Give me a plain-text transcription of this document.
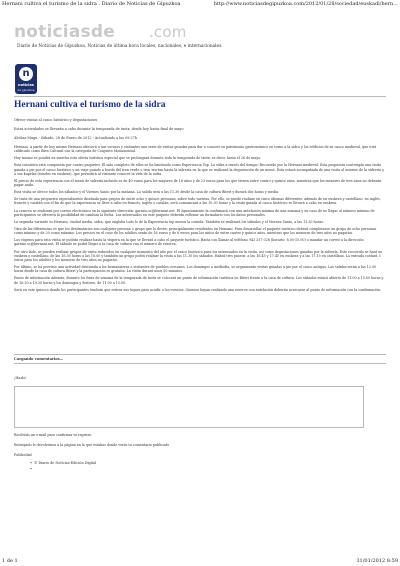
Hernani cultiva el turismo de la sidra . Diario de Noticias de Gipuzkoa	http://www.noticiasdegipuzkoa.com/2012/01/28/sociedad/euskadi/hern...
noticiasde .com
Diario de Noticias de Gipuzkoa. Noticias de última hora locales, nacionales, e internacionales.
n
noticias
de gipuzkoa
Hernani cultiva el turismo de la sidra
Ofrece visitas al casco histórico y degustaciones
Estas actividades se llevarán a cabo durante la temporada de txotx, desde hoy hasta final de mayo
Alcibar Mugu - Sábado, 28 de Enero de 2012 - Actualizado a las 09:27h

Hernani. A partir de hoy mismo Hernani ofrecerá a sus vecinos y visitantes una serie de visitas guiadas para dar a conocer su patrimonio gastronómico en torno a la sidra y los edificios de su casco medieval, que está calificado como Bien Cultural con la categoría de Conjunto Monumental.

Hoy mismo se pondrá en marcha esta oferta turística especial que se prolongará durante toda la temporada de txotx, es decir, hasta el 26 de mayo.

Esta iniciativa está compuesta por cuatro paquetes. El más completo de ellos se ha bautizado como Experiencia Top. La sidra a través del tiempo. Recorrido por la Hernani medieval. Esta propuesta contempla una visita guiada a pie por el casco histórico y un viaje guiado a bordo del tren verde o tren txu-txu hasta la sidrería en la que se realizará la degustación de un menú. Ésta estará acompañada de una visita al interior de la sidrería y a sus kupelas (toneles en euskera), que permitirá al visitante conocer la vida de la sidra.

El precio de esta experiencia con el menú de sidrería incluido es de 40 euros para los mayores de 16 años y de 23 euros para los que tienen entre cuatro y quince años, mientras que los menores de tres años no deberán pagar nada.

Esta visita se ofrece todos los sábados y el Viernes Santo por la mañana. La salida será a las 11.30 desde la casa de cultura Biteri y durará dos horas y media.

Se trata de una propuesta especialmente diseñada para grupos de entre ocho y quince personas, sobre todo turistas. Por ello, se puede realizar en cinco idiomas diferentes: además de en euskera y castellano, en inglés, francés y catalán con el fin de que la experiencia se lleve a cabo en francés, inglés o catalán, será comunicará a las 10.30 horas y la visita guiada al casco histórico se llevará a cabo en euskera.

La reserva se realizará por correo electrónico en la siguiente dirección: garraio.sc@hernani.net. El Ayuntamiento la confirmará con una antelación mínima de una semana y en caso de no llegar al número mínimo de participantes se ofrecerá la posibilidad de cambiar la fecha. Los interesados en este paquete deberán rellenar un formulario con los datos personales.

La segunda variante es Hernani, ciudad media, sidra, que engloba todo lo de la Experiencia top menos la comida. También se realizará los sábados y el Viernes Santo, a las 11.30 horas.

Otra de las diferencias es que los destinatarios son cualquier persona o grupo que lo desee; principalmente residentes en Hernani. Para desarrollar el paquete turístico deberá completarse un grupo de ocho personas como mínimo y de 20 como máximo. Los precios en el caso de los adultos serán de 16 euros y de 8 euros para los niños de entre cuatro y quince años, mientras que los menores de tres años no pagarán.

Los viajeros para esta visita se podrán realizar hasta la víspera en la que se llevará a cabo el paquete turístico. Basta con llamar al teléfono 943 337 028 (horario: 8.00-15.00) o mandar un correo a la dirección garraio.sc@hernani.net. El sábado se podrá llegar a la casa de cultura con el número de reserva.

Por otro lado, se pueden realizar grupos de visita reducidos en cualquier momento del año por el casco histórico para los interesados en la visita, así como degustaciones guiadas por la sidrería. Este recorrido se hará en euskera o castellano, de las 16.30 horas a las 18.00 y también un grupo podrá realizar la visita a las 11.30 los sábados. Habrá tres paseos: a las 16.45 y 17.45 en euskera y a las 17.15 en castellano. La entrada costará 3 euros para los adultos y los menores de tres años no pagarán.

Por último, se ha previsto una actividad destinada a los hernaniarras o visitantes de pueblos cercanos. Los domingos a mediodía, se organizarán visitas guiadas a pie por el casco antiguo. Las salidas serán a las 12.00 horas desde la casa de cultura Biteri y la participación es gratuita. La visita durará unos 50 minutos.

Punto de información Además, durante los fines de semana de la temporada de txotx se colocará un punto de información turística en Biteri frente a la casa de cultura. Los sábados estará abierto de 11.00 a 15.00 horas y de 16.30 a 19.30 horas y los domingos y festivos, de 11.00 a 15.00.

Será en este quiosco donde los participantes tendrán que retirar sus tiques para acudir a los eventos. Quienes hayan realizado una reserva con antelación deberán acercarse al punto de información con la confirmación.

Cargando comentarios...
¡Hazlo!
Recibirás un e-mail para confirmar tu registro.
Entregado le devolvemos a la página en la que estabas donde verás tu comentario publicado
Publicidad
• © Diario de Noticias-Edición Digital
1 de 1	31/01/2012 8:59
